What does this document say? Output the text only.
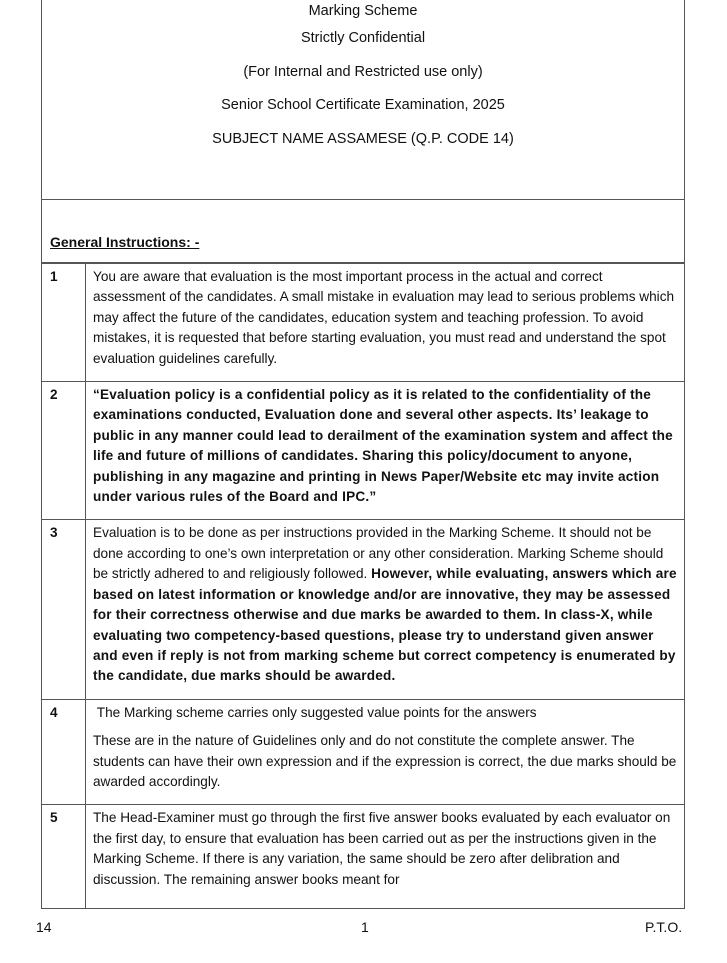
Marking Scheme
Strictly Confidential
(For Internal and Restricted use only)
Senior School Certificate Examination, 2025
SUBJECT NAME ASSAMESE (Q.P. CODE 14)
General Instructions: -
1	You are aware that evaluation is the most important process in the actual and correct assessment of the candidates. A small mistake in evaluation may lead to serious problems which may affect the future of the candidates, education system and teaching profession. To avoid mistakes, it is requested that before starting evaluation, you must read and understand the spot evaluation guidelines carefully.

2	“Evaluation policy is a confidential policy as it is related to the confidentiality of the examinations conducted, Evaluation done and several other aspects. Its’ leakage to public in any manner could lead to derailment of the examination system and affect the life and future of millions of candidates. Sharing this policy/document to anyone, publishing in any magazine and printing in News Paper/Website etc may invite action under various rules of the Board and IPC.”

3	Evaluation is to be done as per instructions provided in the Marking Scheme. It should not be done according to one’s own interpretation or any other consideration. Marking Scheme should be strictly adhered to and religiously followed. However, while evaluating, answers which are based on latest information or knowledge and/or are innovative, they may be assessed for their correctness otherwise and due marks be awarded to them. In class-X, while evaluating two competency-based questions, please try to understand given answer and even if reply is not from marking scheme but correct competency is enumerated by the candidate, due marks should be awarded.

4	The Marking scheme carries only suggested value points for the answers

These are in the nature of Guidelines only and do not constitute the complete answer. The students can have their own expression and if the expression is correct, the due marks should be awarded accordingly.

5	The Head-Examiner must go through the first five answer books evaluated by each evaluator on the first day, to ensure that evaluation has been carried out as per the instructions given in the Marking Scheme. If there is any variation, the same should be zero after delibration and discussion. The remaining answer books meant for

14	1	P.T.O.
